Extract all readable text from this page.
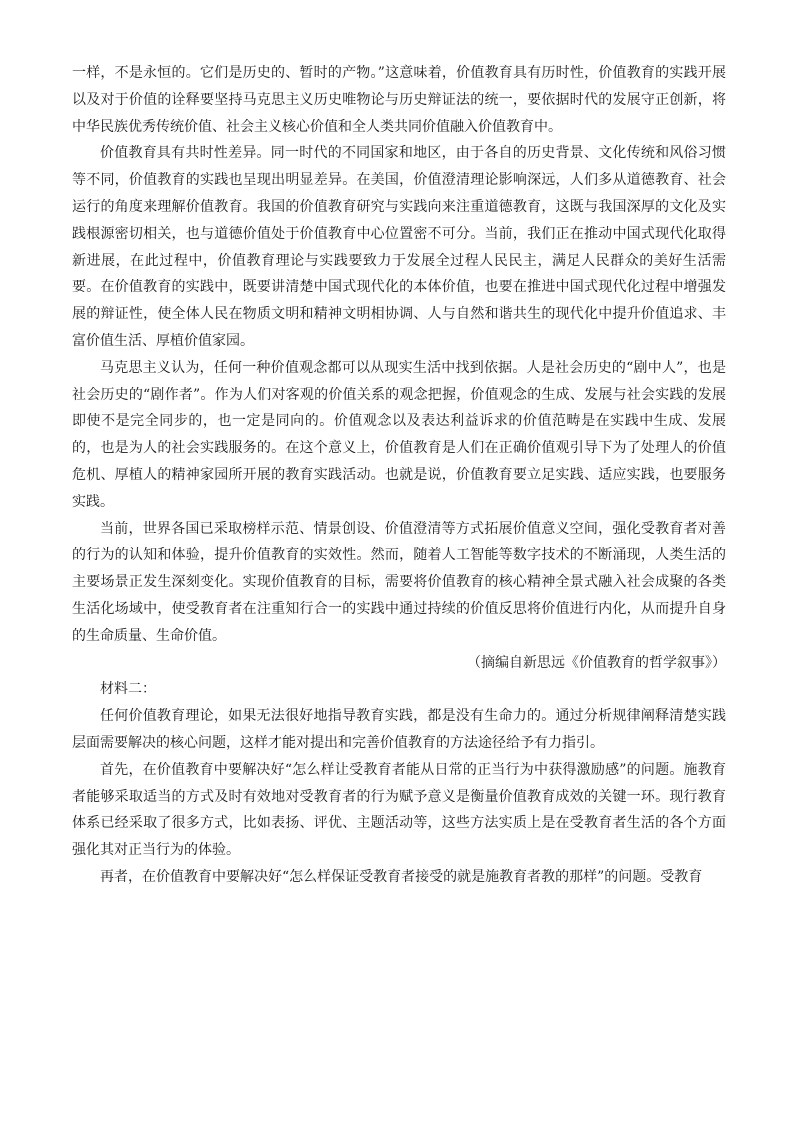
一样，不是永恒的。它们是历史的、暂时的产物。”这意味着，价值教育具有历时性，价值教育的实践开展以及对于价值的诠释要坚持马克思主义历史唯物论与历史辩证法的统一，要依据时代的发展守正创新，将中华民族优秀传统价值、社会主义核心价值和全人类共同价值融入价值教育中。

价值教育具有共时性差异。同一时代的不同国家和地区，由于各自的历史背景、文化传统和风俗习惯等不同，价值教育的实践也呈现出明显差异。在美国，价值澄清理论影响深远，人们多从道德教育、社会运行的角度来理解价值教育。我国的价值教育研究与实践向来注重道德教育，这既与我国深厚的文化及实践根源密切相关，也与道德价值处于价值教育中心位置密不可分。当前，我们正在推动中国式现代化取得新进展，在此过程中，价值教育理论与实践要致力于发展全过程人民民主，满足人民群众的美好生活需要。在价值教育的实践中，既要讲清楚中国式现代化的本体价值，也要在推进中国式现代化过程中增强发展的辩证性，使全体人民在物质文明和精神文明相协调、人与自然和谐共生的现代化中提升价值追求、丰富价值生活、厚植价值家园。

马克思主义认为，任何一种价值观念都可以从现实生活中找到依据。人是社会历史的“剧中人”，也是社会历史的“剧作者”。作为人们对客观的价值关系的观念把握，价值观念的生成、发展与社会实践的发展即使不是完全同步的，也一定是同向的。价值观念以及表达利益诉求的价值范畴是在实践中生成、发展的，也是为人的社会实践服务的。在这个意义上，价值教育是人们在正确价值观引导下为了处理人的价值危机、厚植人的精神家园所开展的教育实践活动。也就是说，价值教育要立足实践、适应实践，也要服务实践。

当前，世界各国已采取榜样示范、情景创设、价值澄清等方式拓展价值意义空间，强化受教育者对善的行为的认知和体验，提升价值教育的实效性。然而，随着人工智能等数字技术的不断涌现，人类生活的主要场景正发生深刻变化。实现价值教育的目标，需要将价值教育的核心精神全景式融入社会成聚的各类生活化场域中，使受教育者在注重知行合一的实践中通过持续的价值反思将价值进行内化，从而提升自身的生命质量、生命价值。

（摘编自新思远《价值教育的哲学叙事》）

材料二：

任何价值教育理论，如果无法很好地指导教育实践，都是没有生命力的。通过分析规律阐释清楚实践层面需要解决的核心问题，这样才能对提出和完善价值教育的方法途径给予有力指引。

首先，在价值教育中要解决好“怎么样让受教育者能从日常的正当行为中获得激励感”的问题。施教育者能够采取适当的方式及时有效地对受教育者的行为赋予意义是衡量价值教育成效的关键一环。现行教育体系已经采取了很多方式，比如表扬、评优、主题活动等，这些方法实质上是在受教育者生活的各个方面强化其对正当行为的体验。

再者，在价值教育中要解决好“怎么样保证受教育者接受的就是施教育者教的那样”的问题。受教育
